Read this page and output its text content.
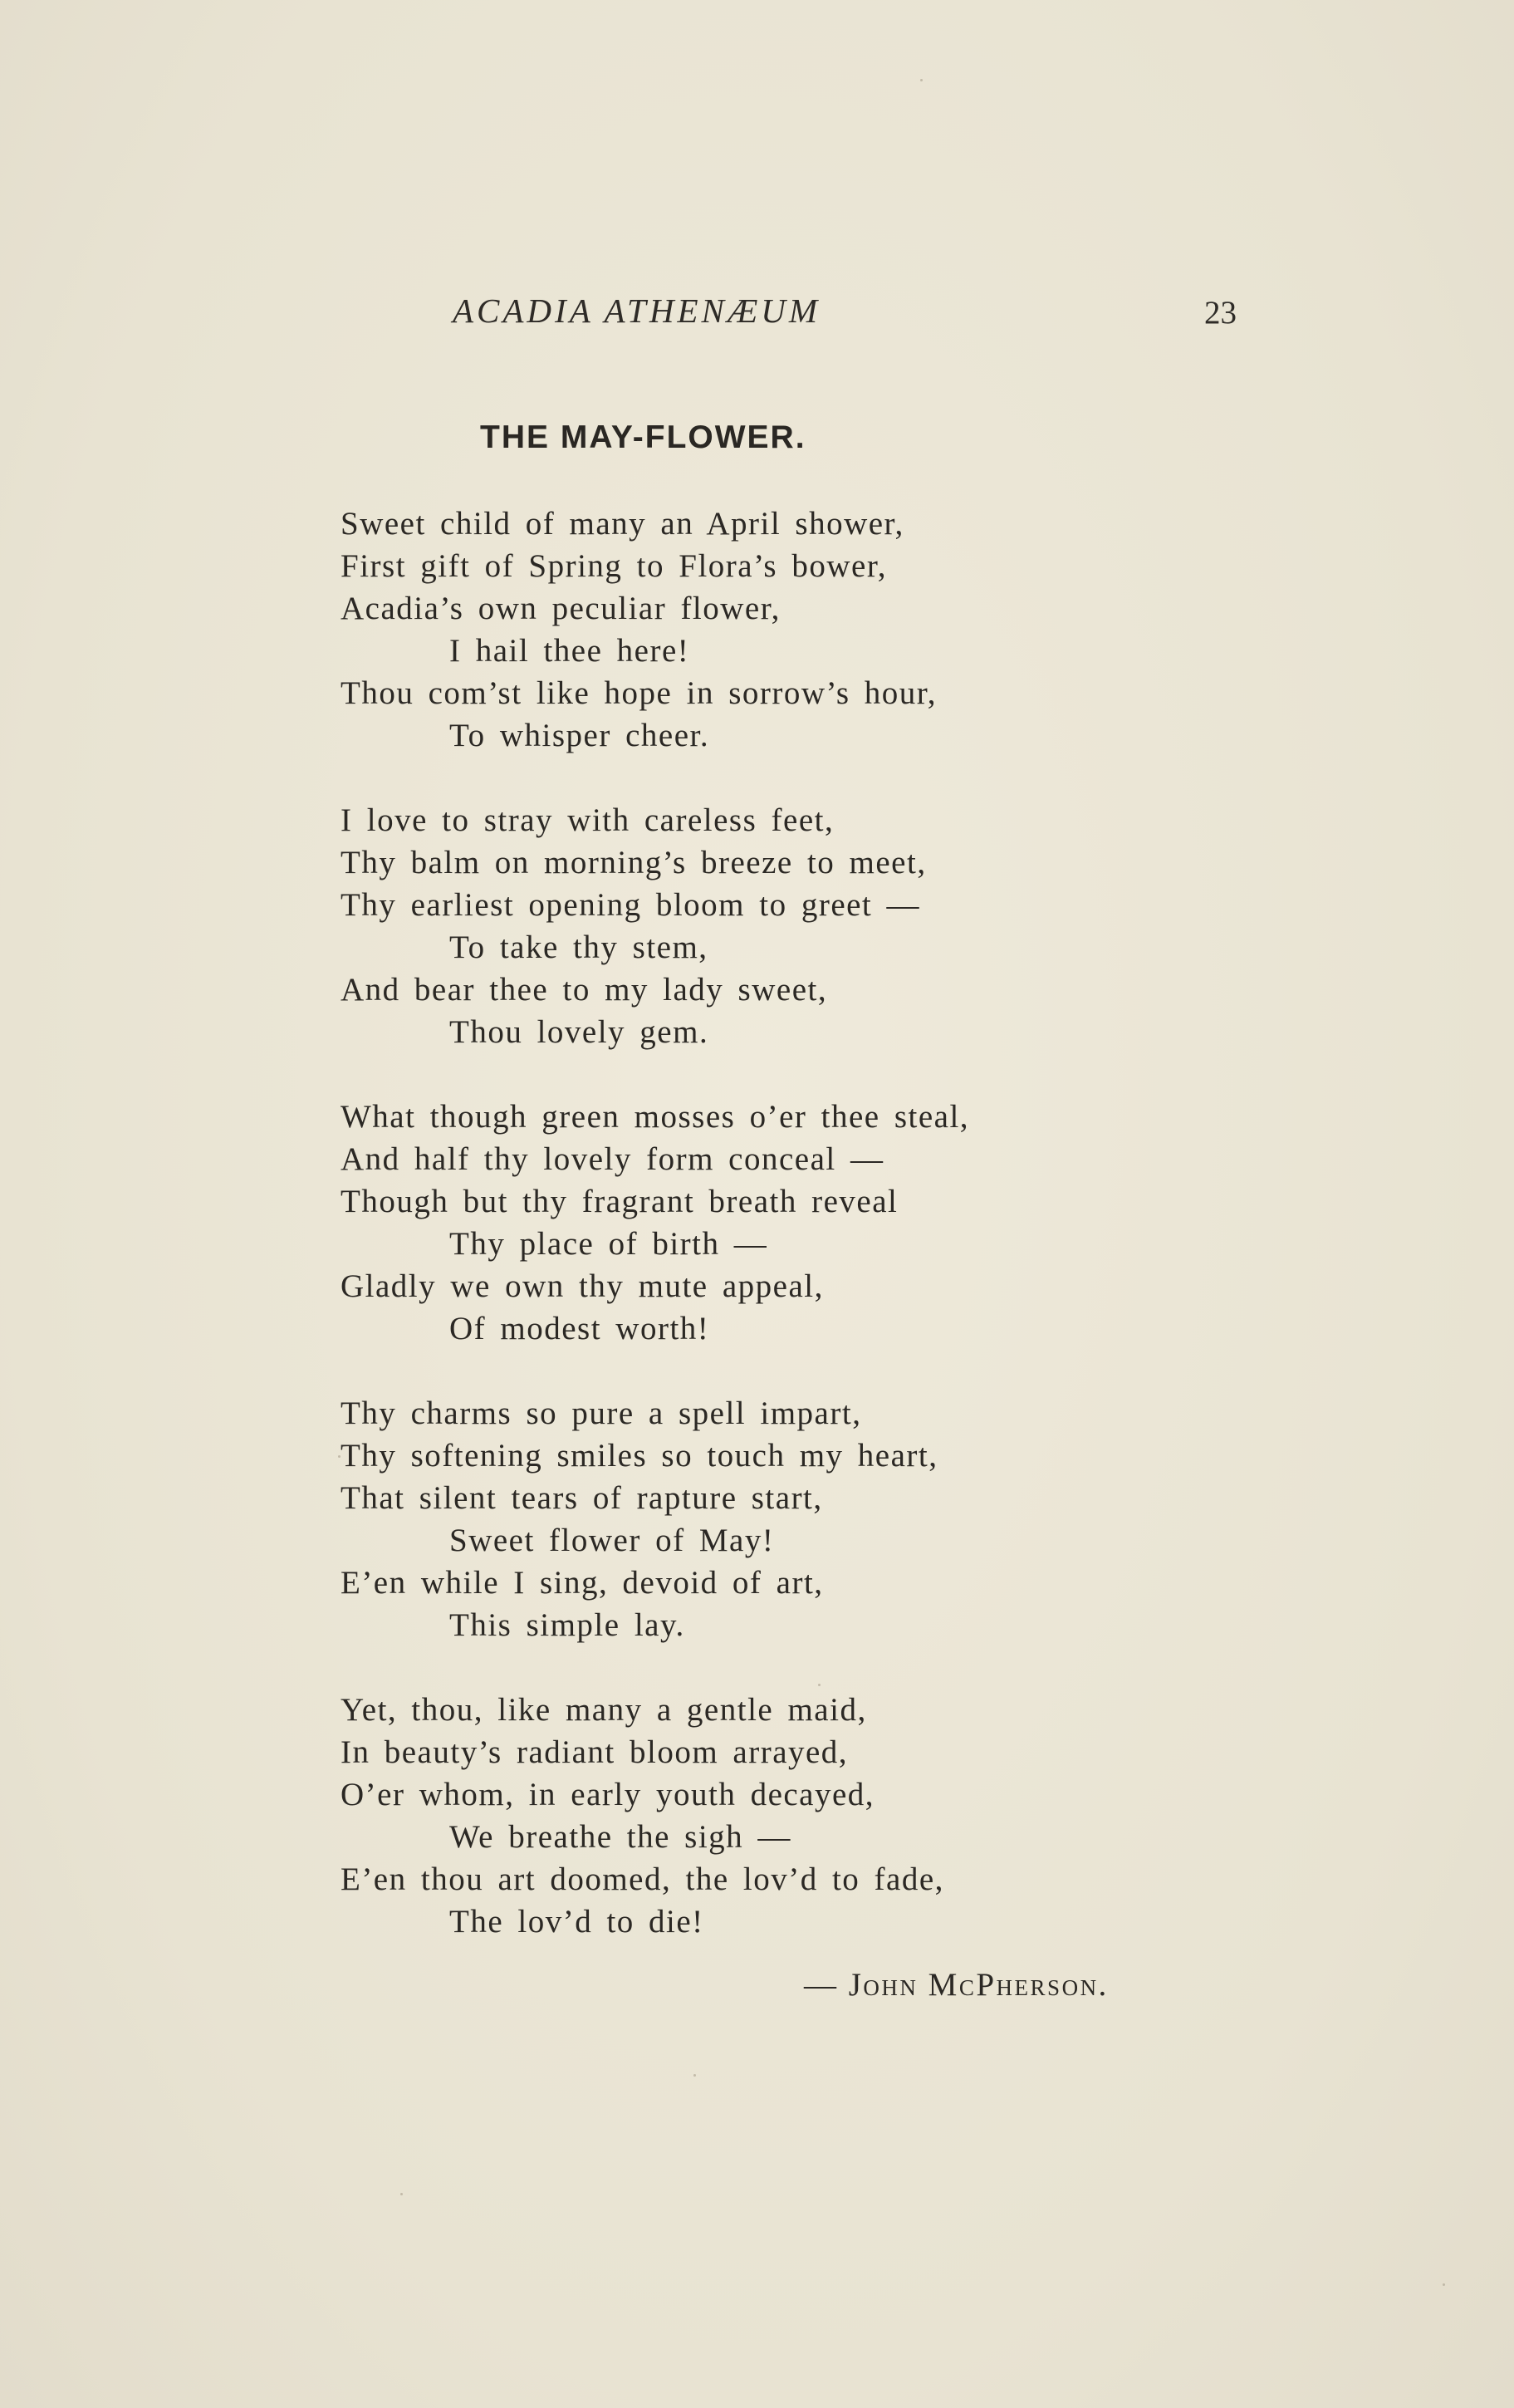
ACADIA ATHENÆUM	23
THE MAY-FLOWER.
Sweet child of many an April shower,
First gift of Spring to Flora’s bower,
Acadia’s own peculiar flower,
I hail thee here!
Thou com’st like hope in sorrow’s hour,
To whisper cheer.
I love to stray with careless feet,
Thy balm on morning’s breeze to meet,
Thy earliest opening bloom to greet —
To take thy stem,
And bear thee to my lady sweet,
Thou lovely gem.
What though green mosses o’er thee steal,
And half thy lovely form conceal —
Though but thy fragrant breath reveal
Thy place of birth —
Gladly we own thy mute appeal,
Of modest worth!
Thy charms so pure a spell impart,
Thy softening smiles so touch my heart,
That silent tears of rapture start,
Sweet flower of May!
E’en while I sing, devoid of art,
This simple lay.
Yet, thou, like many a gentle maid,
In beauty’s radiant bloom arrayed,
O’er whom, in early youth decayed,
We breathe the sigh —
E’en thou art doomed, the lov’d to fade,
The lov’d to die!
— John McPherson.
